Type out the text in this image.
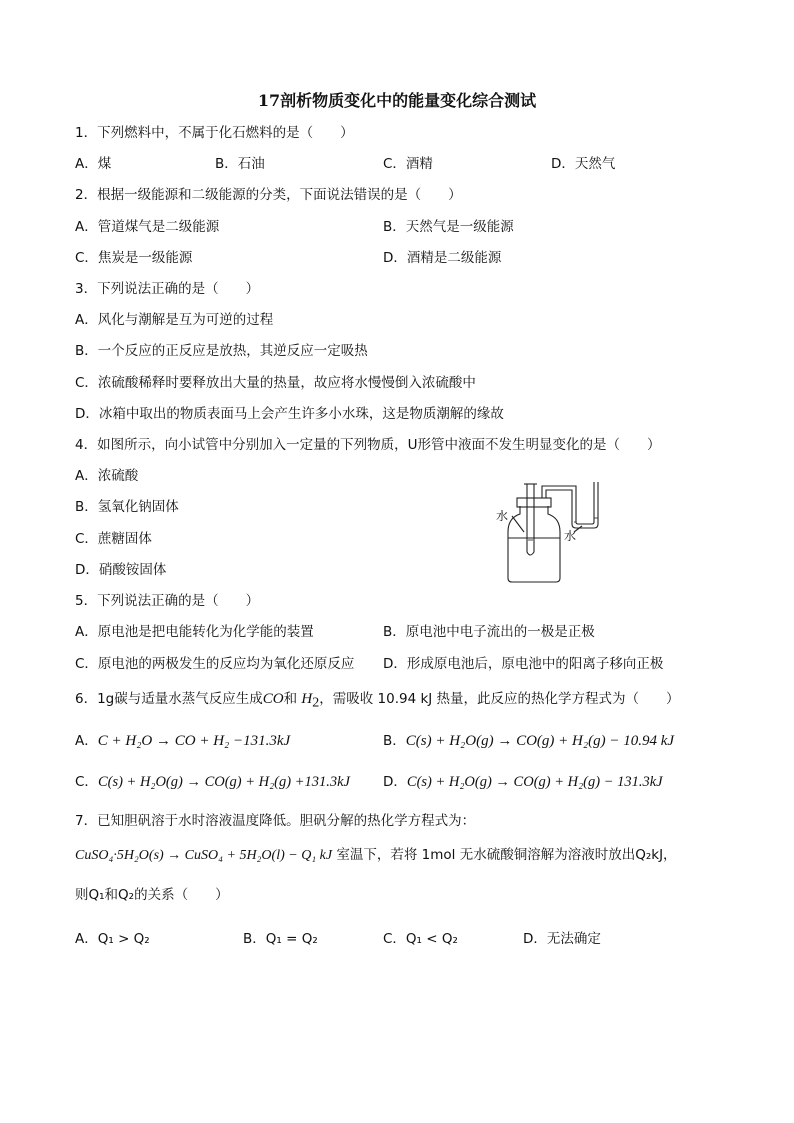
17剖析物质变化中的能量变化综合测试
1．下列燃料中，不属于化石燃料的是（　　）
A．煤	B．石油	C．酒精	D．天然气
2．根据一级能源和二级能源的分类，下面说法错误的是（　　）
A．管道煤气是二级能源	B．天然气是一级能源
C．焦炭是一级能源	D．酒精是二级能源
3．下列说法正确的是（　　）
A．风化与潮解是互为可逆的过程
B．一个反应的正反应是放热，其逆反应一定吸热
C．浓硫酸稀释时要释放出大量的热量，故应将水慢慢倒入浓硫酸中
D．冰箱中取出的物质表面马上会产生许多小水珠，这是物质潮解的缘故
4．如图所示，向小试管中分别加入一定量的下列物质，U形管中液面不发生明显变化的是（　　）
A．浓硫酸
B．氢氧化钠固体
C．蔗糖固体
D．硝酸铵固体
水
水
5．下列说法正确的是（　　）
A．原电池是把电能转化为化学能的装置	B．原电池中电子流出的一极是正极
C．原电池的两极发生的反应均为氧化还原反应 D．形成原电池后，原电池中的阳离子移向正极
6．1g碳与适量水蒸气反应生成CO和 $H_2$，需吸收 10.94 kJ 热量，此反应的热化学方程式为（　　）
A．C + H₂O → CO + H₂ −131.3kJ	B．C(s) + H₂O(g) → CO(g) + H₂(g) − 10.94 kJ
C．C(s) + H₂O(g) → CO(g) + H₂(g) +131.3kJ D．C(s) + H₂O(g) → CO(g) + H₂(g) − 131.3kJ
7．已知胆矾溶于水时溶液温度降低。胆矾分解的热化学方程式为：
CuSO₄·5H₂O(s) → CuSO₄ + 5H₂O(l) − Q₁ kJ 室温下，若将 1mol 无水硫酸铜溶解为溶液时放出Q₂kJ，
则Q₁和Q₂的关系（　　）
A．Q₁ > Q₂	B．Q₁ = Q₂	C．Q₁ < Q₂	D．无法确定
